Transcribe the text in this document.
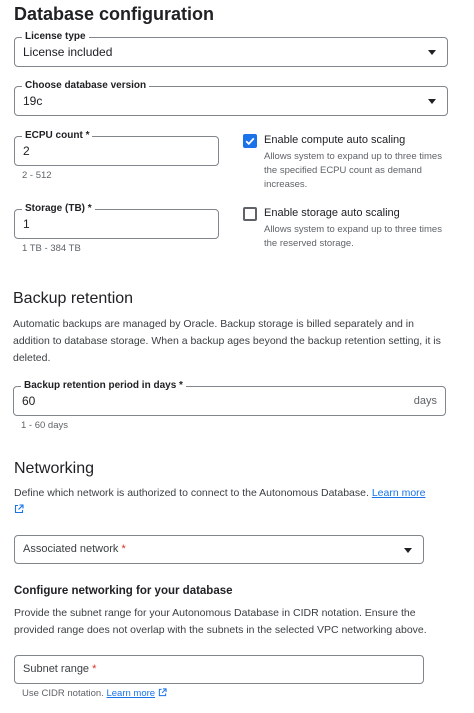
Database configuration
License type
License included
Choose database version
19c
ECPU count *
2
2 - 512
Enable compute auto scaling
Allows system to expand up to three times the specified ECPU count as demand increases.
Storage (TB) *
1
1 TB - 384 TB
Enable storage auto scaling
Allows system to expand up to three times the reserved storage.
Backup retention
Automatic backups are managed by Oracle. Backup storage is billed separately and in addition to database storage. When a backup ages beyond the backup retention setting, it is deleted.
Backup retention period in days *
60	days
1 - 60 days
Networking
Define which network is authorized to connect to the Autonomous Database. Learn more

Associated network *
Configure networking for your database
Provide the subnet range for your Autonomous Database in CIDR notation. Ensure the provided range does not overlap with the subnets in the selected VPC networking above.
Subnet range *
Use CIDR notation. Learn more
